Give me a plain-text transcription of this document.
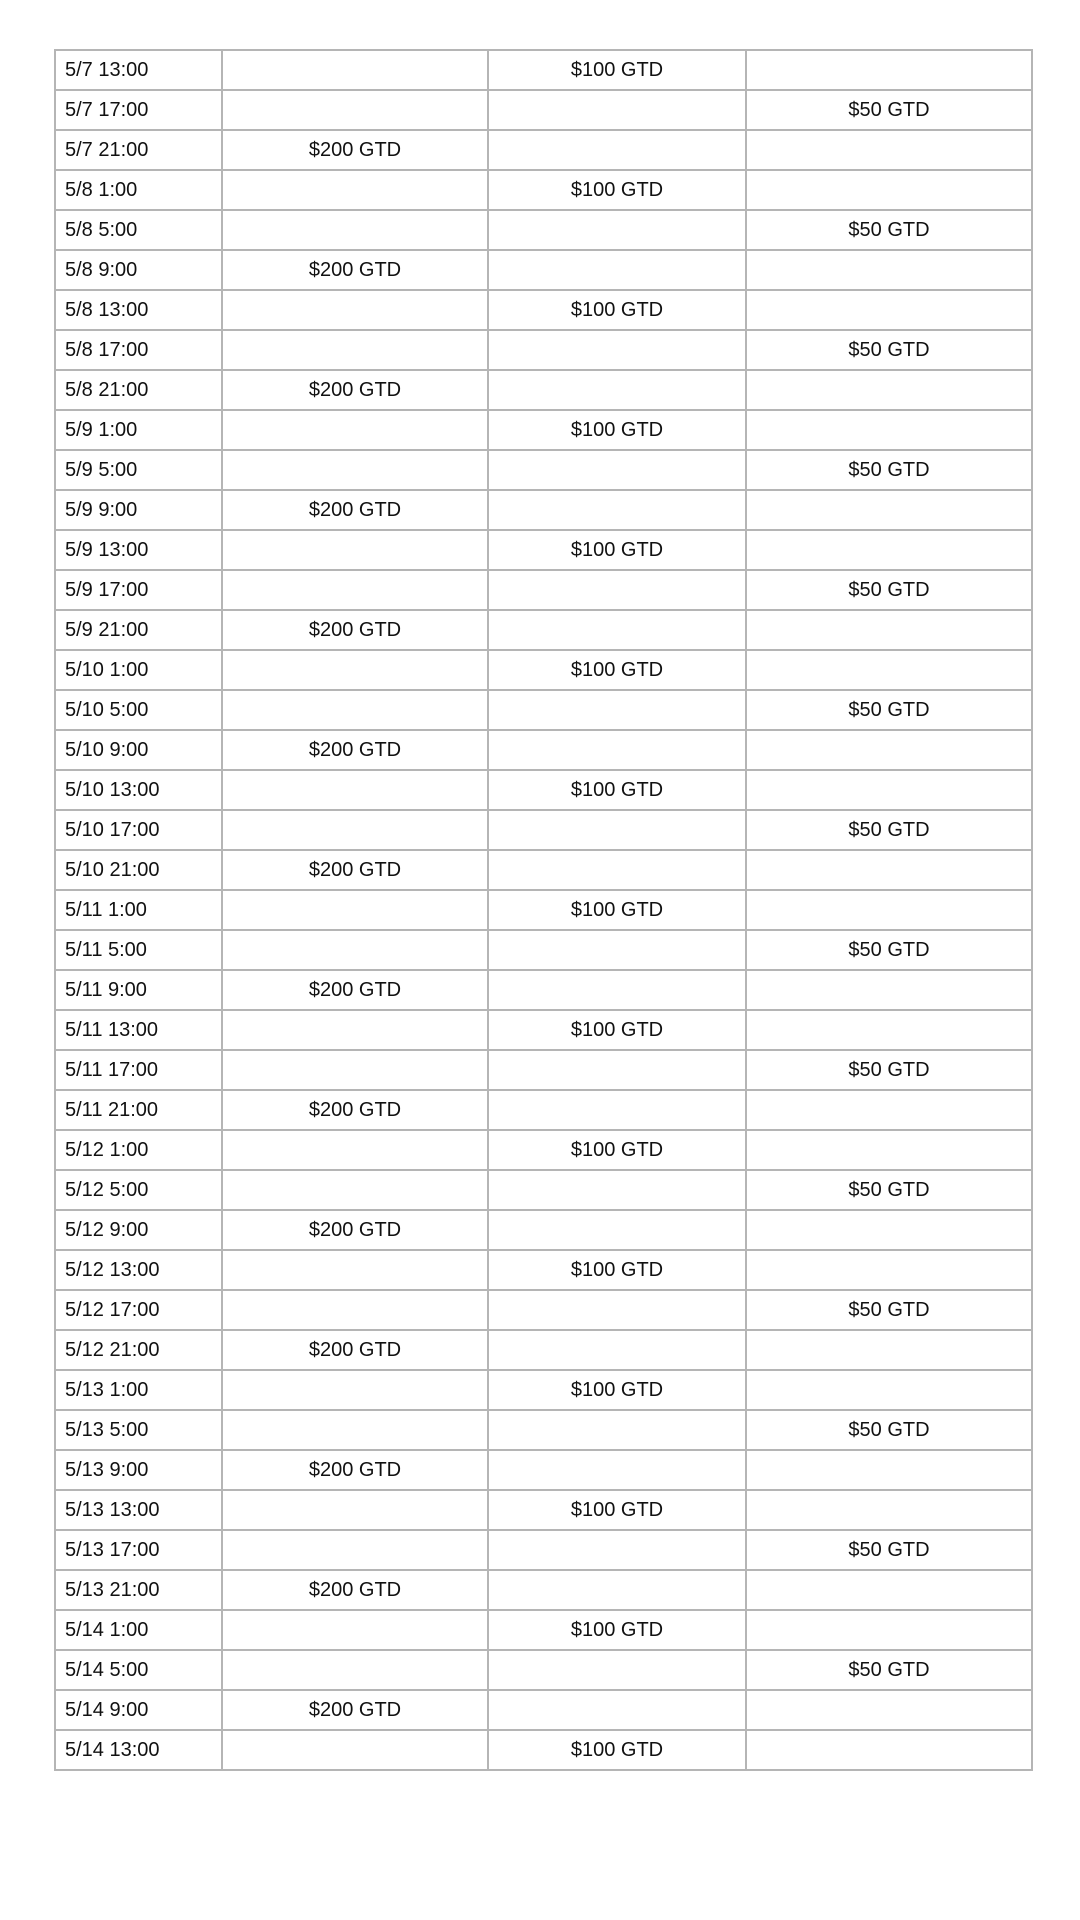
5/7 13:00		$100 GTD	
5/7 17:00			$50 GTD
5/7 21:00	$200 GTD		
5/8 1:00		$100 GTD	
5/8 5:00			$50 GTD
5/8 9:00	$200 GTD		
5/8 13:00		$100 GTD	
5/8 17:00			$50 GTD
5/8 21:00	$200 GTD		
5/9 1:00		$100 GTD	
5/9 5:00			$50 GTD
5/9 9:00	$200 GTD		
5/9 13:00		$100 GTD	
5/9 17:00			$50 GTD
5/9 21:00	$200 GTD		
5/10 1:00		$100 GTD	
5/10 5:00			$50 GTD
5/10 9:00	$200 GTD		
5/10 13:00		$100 GTD	
5/10 17:00			$50 GTD
5/10 21:00	$200 GTD		
5/11 1:00		$100 GTD	
5/11 5:00			$50 GTD
5/11 9:00	$200 GTD		
5/11 13:00		$100 GTD	
5/11 17:00			$50 GTD
5/11 21:00	$200 GTD		
5/12 1:00		$100 GTD	
5/12 5:00			$50 GTD
5/12 9:00	$200 GTD		
5/12 13:00		$100 GTD	
5/12 17:00			$50 GTD
5/12 21:00	$200 GTD		
5/13 1:00		$100 GTD	
5/13 5:00			$50 GTD
5/13 9:00	$200 GTD		
5/13 13:00		$100 GTD	
5/13 17:00			$50 GTD
5/13 21:00	$200 GTD		
5/14 1:00		$100 GTD	
5/14 5:00			$50 GTD
5/14 9:00	$200 GTD		
5/14 13:00		$100 GTD	
